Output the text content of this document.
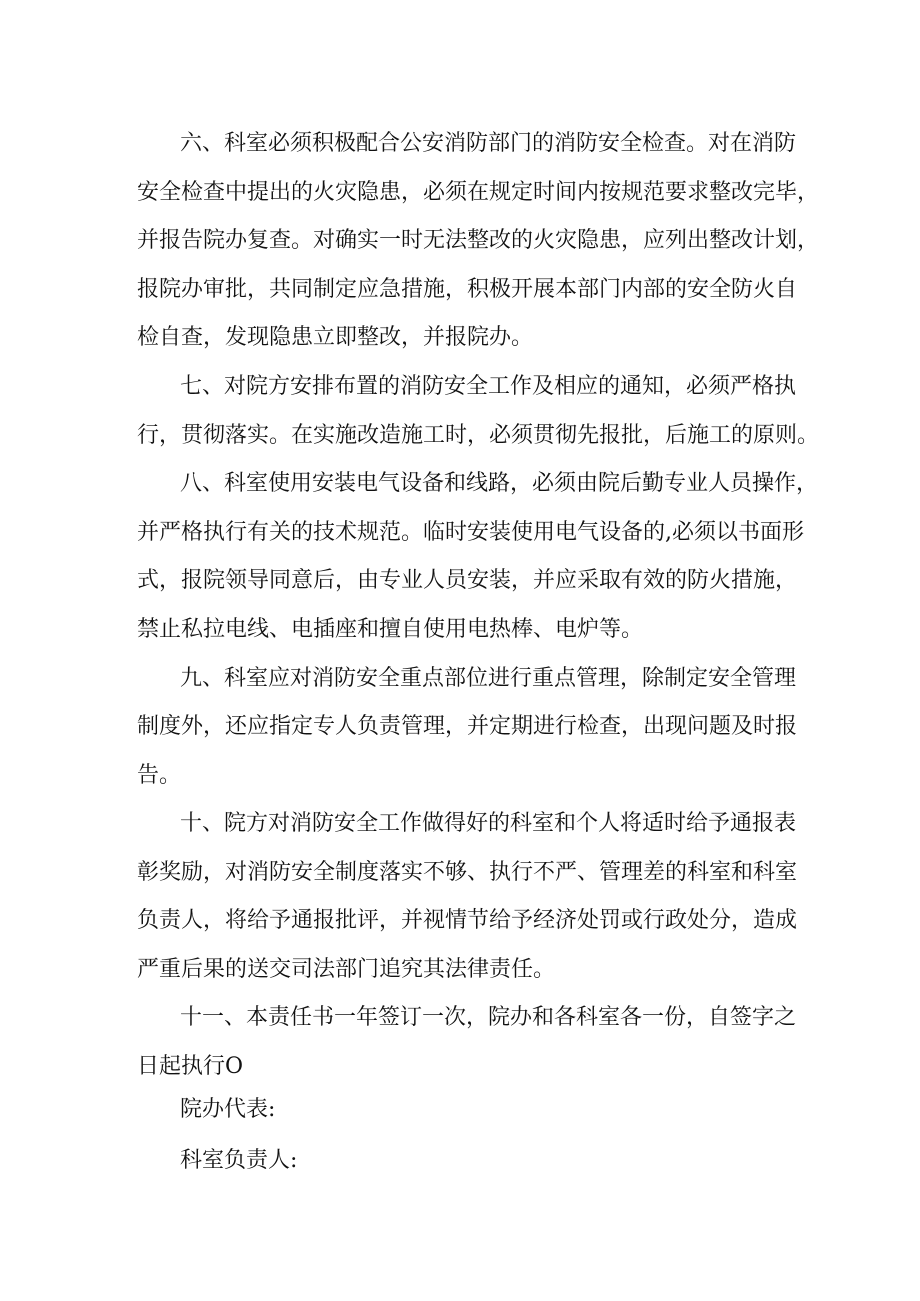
六、科室必须积极配合公安消防部门的消防安全检查。对在消防
安全检查中提出的火灾隐患，必须在规定时间内按规范要求整改完毕，
并报告院办复查。对确实一时无法整改的火灾隐患，应列出整改计划，
报院办审批，共同制定应急措施，积极开展本部门内部的安全防火自
检自查，发现隐患立即整改，并报院办。
七、对院方安排布置的消防安全工作及相应的通知，必须严格执
行，贯彻落实。在实施改造施工时，必须贯彻先报批，后施工的原则。
八、科室使用安装电气设备和线路，必须由院后勤专业人员操作，
并严格执行有关的技术规范。临时安装使用电气设备的,必须以书面形
式，报院领导同意后，由专业人员安装，并应采取有效的防火措施，
禁止私拉电线、电插座和擅自使用电热棒、电炉等。
九、科室应对消防安全重点部位进行重点管理，除制定安全管理
制度外，还应指定专人负责管理，并定期进行检查，出现问题及时报
告。
十、院方对消防安全工作做得好的科室和个人将适时给予通报表
彰奖励，对消防安全制度落实不够、执行不严、管理差的科室和科室
负责人，将给予通报批评，并视情节给予经济处罚或行政处分，造成
严重后果的送交司法部门追究其法律责任。
十一、本责任书一年签订一次，院办和各科室各一份，自签字之
日起执行O
院办代表:
科室负责人:
